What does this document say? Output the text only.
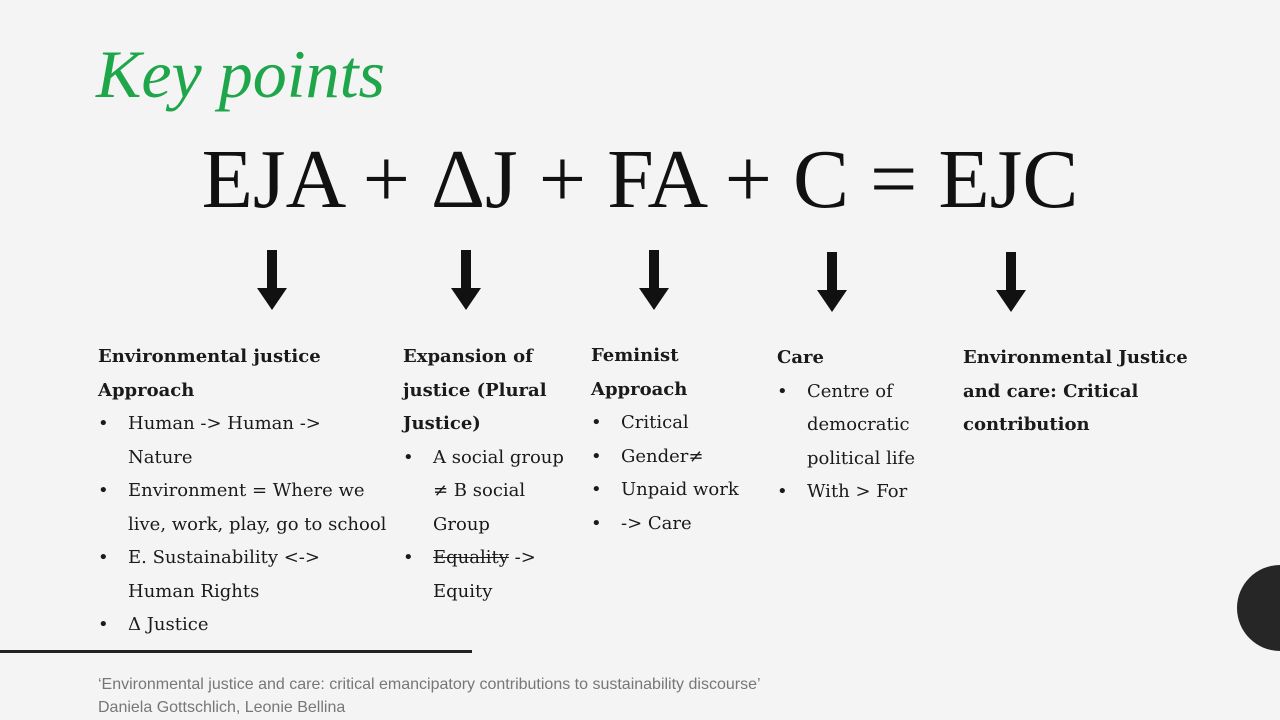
Key points
EJA + ΔJ + FA + C = EJC
Environmental justice Approach
• Human -> Human -> Nature
• Environment = Where we live, work, play, go to school
• E. Sustainability <-> Human Rights
• Δ Justice
Expansion of justice (Plural Justice)
• A social group ≠ B social Group
• Equality -> Equity
Feminist Approach
• Critical
• Gender≠
• Unpaid work
• -> Care
Care
• Centre of democratic political life
• With > For
Environmental Justice and care: Critical contribution
‘Environmental justice and care: critical emancipatory contributions to sustainability discourse’
Daniela Gottschlich, Leonie Bellina
